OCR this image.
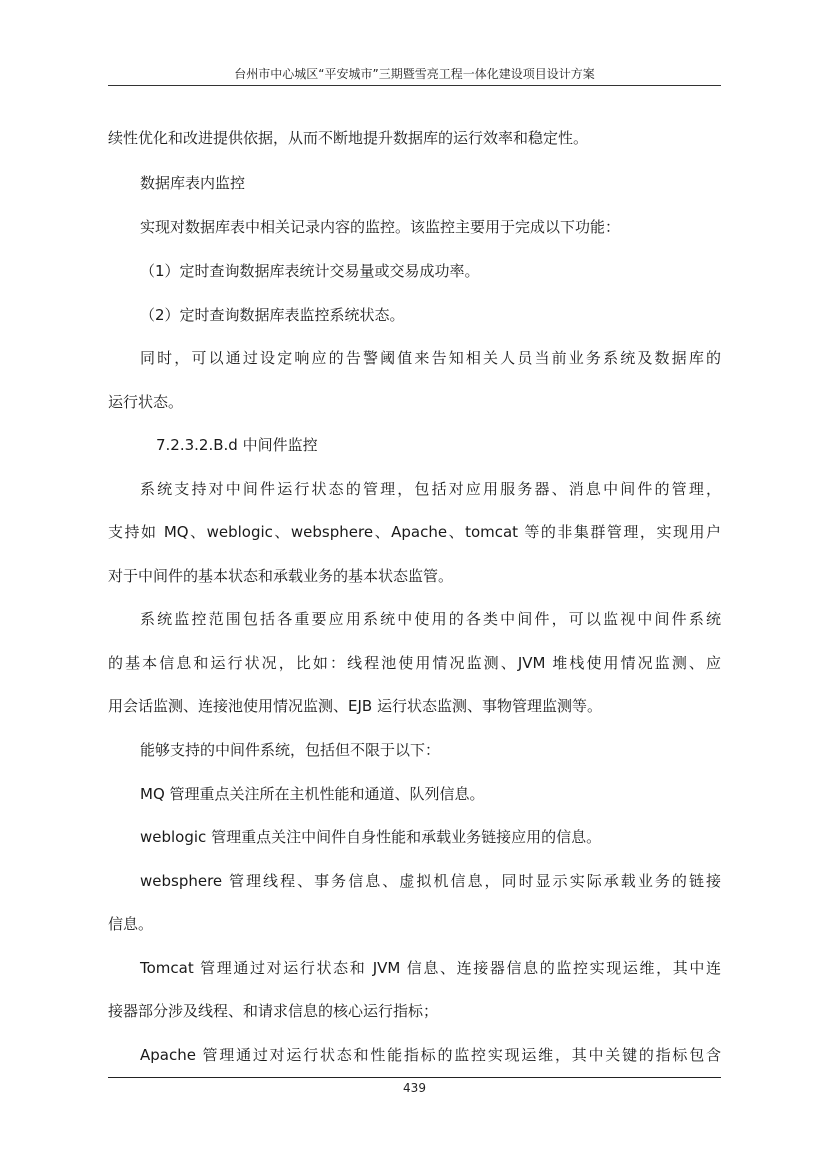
台州市中心城区“平安城市”三期暨雪亮工程一体化建设项目设计方案
续性优化和改进提供依据，从而不断地提升数据库的运行效率和稳定性。
数据库表内监控
实现对数据库表中相关记录内容的监控。该监控主要用于完成以下功能：
（1）定时查询数据库表统计交易量或交易成功率。
（2）定时查询数据库表监控系统状态。
同时，可以通过设定响应的告警阈值来告知相关人员当前业务系统及数据库的
运行状态。
7.2.3.2.B.d 中间件监控
系统支持对中间件运行状态的管理，包括对应用服务器、消息中间件的管理，
支持如 MQ、weblogic、websphere、Apache、tomcat 等的非集群管理，实现用户
对于中间件的基本状态和承载业务的基本状态监管。
系统监控范围包括各重要应用系统中使用的各类中间件，可以监视中间件系统
的基本信息和运行状况，比如：线程池使用情况监测、JVM 堆栈使用情况监测、应
用会话监测、连接池使用情况监测、EJB 运行状态监测、事物管理监测等。
能够支持的中间件系统，包括但不限于以下：
MQ 管理重点关注所在主机性能和通道、队列信息。
weblogic 管理重点关注中间件自身性能和承载业务链接应用的信息。
websphere 管理线程、事务信息、虚拟机信息，同时显示实际承载业务的链接
信息。
Tomcat 管理通过对运行状态和 JVM 信息、连接器信息的监控实现运维，其中连
接器部分涉及线程、和请求信息的核心运行指标；
Apache 管理通过对运行状态和性能指标的监控实现运维，其中关键的指标包含
439
